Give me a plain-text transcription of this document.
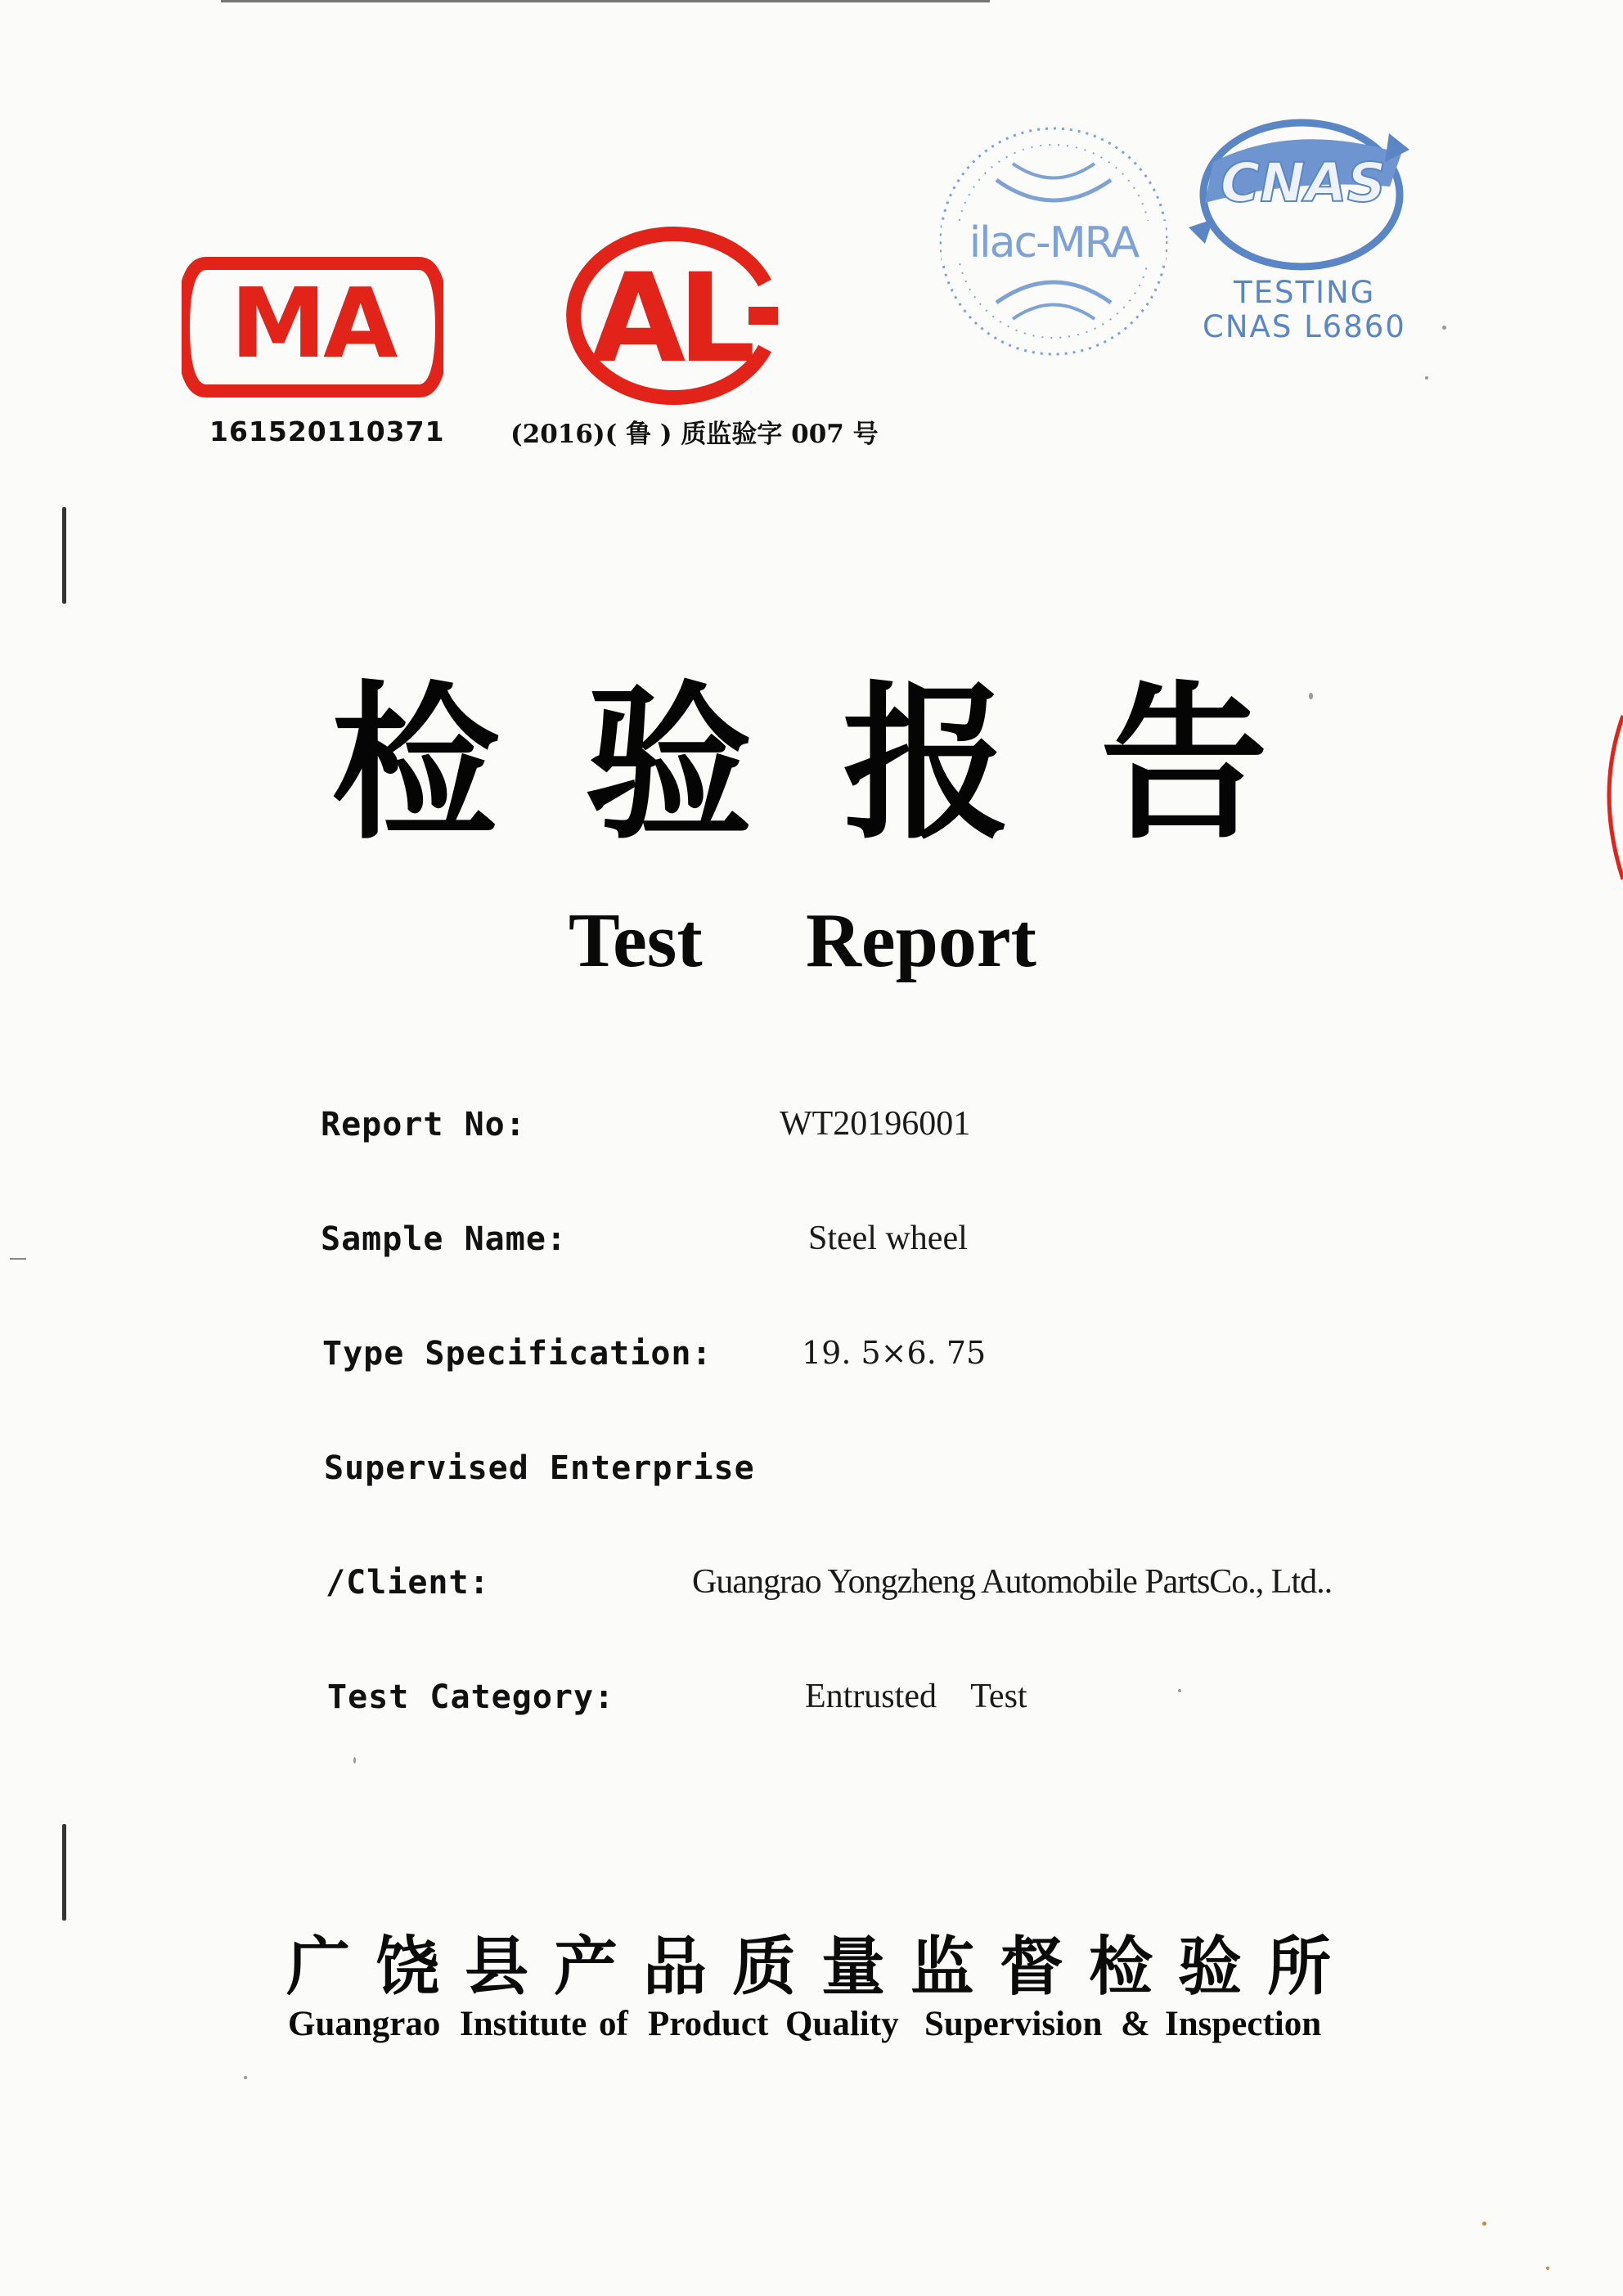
MA
161520110371
AL
(2016)( 鲁 ) 质监验字 007 号
ilac-MRA
CNAS
TESTING
CNAS L6860
检 验 报 告
Test Report
Report No:	WT20196001
Sample Name:	Steel wheel
Type Specification:	19. 5×6. 75
Supervised Enterprise
/Client:	Guangrao Yongzheng Automobile PartsCo., Ltd..
Test Category:	Entrusted    Test
广 饶 县 产 品 质 量 监 督 检 验 所
Guangrao Institute of Product Quality Supervision & Inspection
